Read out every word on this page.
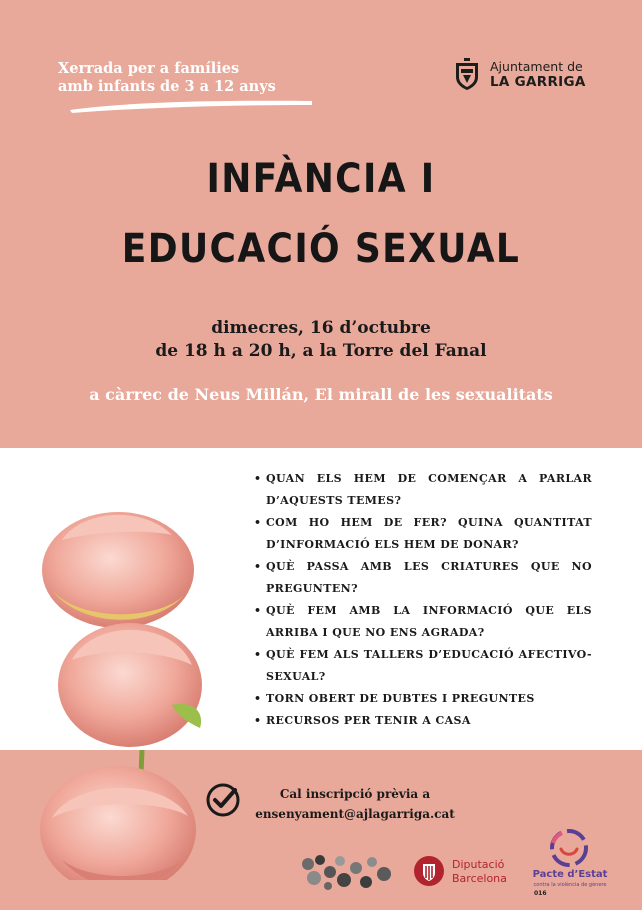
Xerrada per a famílies
amb infants de 3 a 12 anys
Ajuntament de
LA GARRIGA
INFÀNCIA I
EDUCACIÓ SEXUAL
dimecres, 16 d’octubre
de 18 h a 20 h, a la Torre del Fanal
a càrrec de Neus Millán, El mirall de les sexualitats
• QUAN ELS HEM DE COMENÇAR A PARLAR D’AQUESTS TEMES?
• COM HO HEM DE FER? QUINA QUANTITAT D’INFORMACIÓ ELS HEM DE DONAR?
• QUÈ PASSA AMB LES CRIATURES QUE NO PREGUNTEN?
• QUÈ FEM AMB LA INFORMACIÓ QUE ELS ARRIBA I QUE NO ENS AGRADA?
• QUÈ FEM ALS TALLERS D’EDUCACIÓ AFECTIVO-SEXUAL?
• TORN OBERT DE DUBTES I PREGUNTES
• RECURSOS PER TENIR A CASA
Cal inscripció prèvia a
ensenyament@ajlagarriga.cat
Diputació
Barcelona	Pacte d’Estat
contra la violència de gènere
016
